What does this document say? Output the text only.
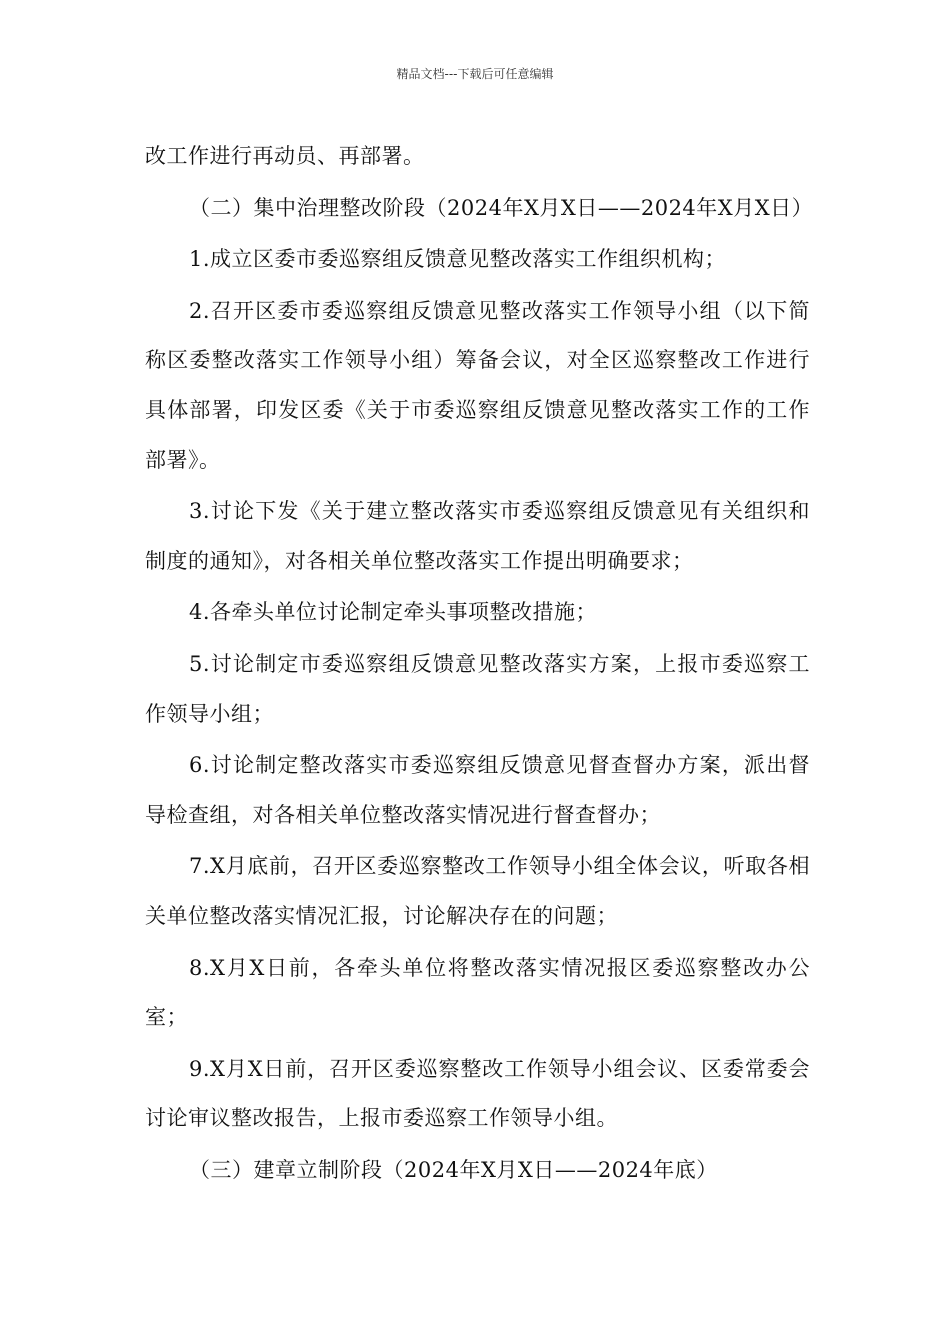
精品文档---下载后可任意编辑

改工作进行再动员、再部署。

（二）集中治理整改阶段（2024年X月X日——2024年X月X日）

1.成立区委市委巡察组反馈意见整改落实工作组织机构；

2.召开区委市委巡察组反馈意见整改落实工作领导小组（以下简称区委整改落实工作领导小组）筹备会议，对全区巡察整改工作进行具体部署，印发区委《关于市委巡察组反馈意见整改落实工作的工作部署》。

3.讨论下发《关于建立整改落实市委巡察组反馈意见有关组织和制度的通知》，对各相关单位整改落实工作提出明确要求；

4.各牵头单位讨论制定牵头事项整改措施；

5.讨论制定市委巡察组反馈意见整改落实方案，上报市委巡察工作领导小组；

6.讨论制定整改落实市委巡察组反馈意见督查督办方案，派出督导检查组，对各相关单位整改落实情况进行督查督办；

7.X月底前，召开区委巡察整改工作领导小组全体会议，听取各相关单位整改落实情况汇报，讨论解决存在的问题；

8.X月X日前，各牵头单位将整改落实情况报区委巡察整改办公室；

9.X月X日前，召开区委巡察整改工作领导小组会议、区委常委会讨论审议整改报告，上报市委巡察工作领导小组。

（三）建章立制阶段（2024年X月X日——2024年底）
